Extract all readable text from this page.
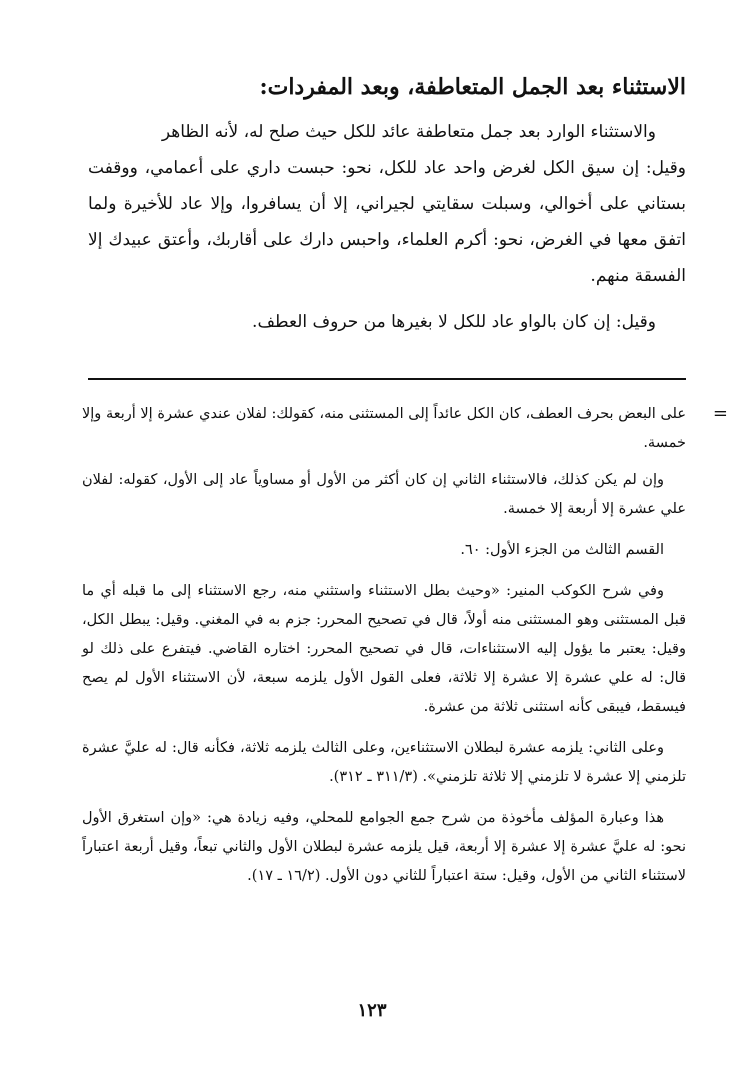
الاستثناء بعد الجمل المتعاطفة، وبعد المفردات:

والاستثناء الوارد بعد جمل متعاطفة عائد للكل حيث صلح له، لأنه الظاهر

وقيل: إن سيق الكل لغرض واحد عاد للكل، نحو: حبست داري على أعمامي، ووقفت بستاني على أخوالي، وسبلت سقايتي لجيراني، إلا أن يسافروا، وإلا عاد للأخيرة ولما اتفق معها في الغرض، نحو: أكرم العلماء، واحبس دارك على أقاربك، وأعتق عبيدك إلا الفسقة منهم.

وقيل: إن كان بالواو عاد للكل لا بغيرها من حروف العطف.

=

على البعض بحرف العطف، كان الكل عائداً إلى المستثنى منه، كقولك: لفلان عندي عشرة إلا أربعة وإلا خمسة.

وإن لم يكن كذلك، فالاستثناء الثاني إن كان أكثر من الأول أو مساوياً عاد إلى الأول، كقوله: لفلان علي عشرة إلا أربعة إلا خمسة.

القسم الثالث من الجزء الأول: ٦٠.

وفي شرح الكوكب المنير: «وحيث بطل الاستثناء واستثني منه، رجع الاستثناء إلى ما قبله أي ما قبل المستثنى وهو المستثنى منه أولاً، قال في تصحيح المحرر: جزم به في المغني. وقيل: يبطل الكل، وقيل: يعتبر ما يؤول إليه الاستثناءات، قال في تصحيح المحرر: اختاره القاضي. فيتفرع على ذلك لو قال: له علي عشرة إلا عشرة إلا ثلاثة، فعلى القول الأول يلزمه سبعة، لأن الاستثناء الأول لم يصح فيسقط، فيبقى كأنه استثنى ثلاثة من عشرة.

وعلى الثاني: يلزمه عشرة لبطلان الاستثناءين، وعلى الثالث يلزمه ثلاثة، فكأنه قال: له عليَّ عشرة تلزمني إلا عشرة لا تلزمني إلا ثلاثة تلزمني». (٣١١/٣ ـ ٣١٢).

هذا وعبارة المؤلف مأخوذة من شرح جمع الجوامع للمحلي، وفيه زيادة هي: «وإن استغرق الأول نحو: له عليَّ عشرة إلا عشرة إلا أربعة، قيل يلزمه عشرة لبطلان الأول والثاني تبعاً، وقيل أربعة اعتباراً لاستثناء الثاني من الأول، وقيل: ستة اعتباراً للثاني دون الأول. (١٦/٢ ـ ١٧).

١٢٣
